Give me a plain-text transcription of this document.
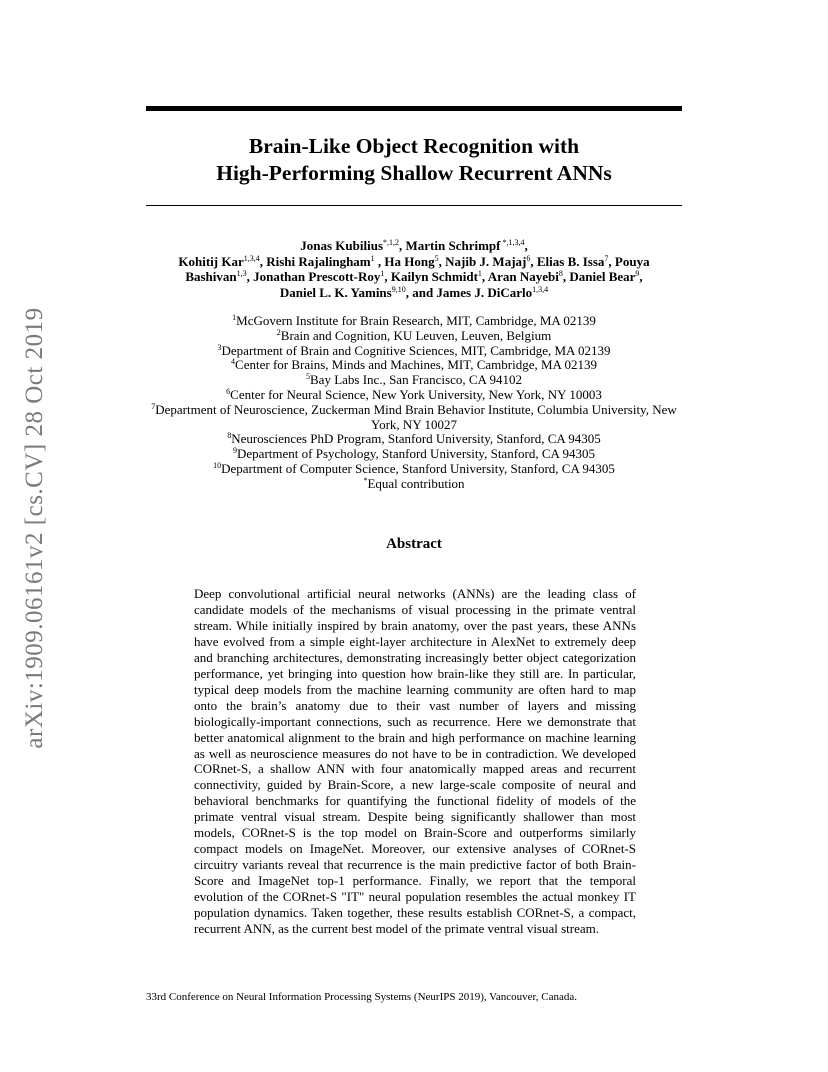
arXiv:1909.06161v2 [cs.CV] 28 Oct 2019
Brain-Like Object Recognition with
High-Performing Shallow Recurrent ANNs
Jonas Kubilius$^{*,1,2}$, Martin Schrimpf $^{*,1,3,4}$,
Kohitij Kar$^{1,3,4}$, Rishi Rajalingham$^1$ , Ha Hong$^5$, Najib J. Majaj$^6$, Elias B. Issa$^7$, Pouya Bashivan$^{1,3}$, Jonathan Prescott-Roy$^1$, Kailyn Schmidt$^1$, Aran Nayebi$^8$, Daniel Bear$^9$,
Daniel L. K. Yamins$^{9,10}$, and James J. DiCarlo$^{1,3,4}$
$^1$McGovern Institute for Brain Research, MIT, Cambridge, MA 02139
$^2$Brain and Cognition, KU Leuven, Leuven, Belgium
$^3$Department of Brain and Cognitive Sciences, MIT, Cambridge, MA 02139
$^4$Center for Brains, Minds and Machines, MIT, Cambridge, MA 02139
$^5$Bay Labs Inc., San Francisco, CA 94102
$^6$Center for Neural Science, New York University, New York, NY 10003
$^7$Department of Neuroscience, Zuckerman Mind Brain Behavior Institute, Columbia University, New York, NY 10027
$^8$Neurosciences PhD Program, Stanford University, Stanford, CA 94305
$^9$Department of Psychology, Stanford University, Stanford, CA 94305
$^{10}$Department of Computer Science, Stanford University, Stanford, CA 94305
*Equal contribution
Abstract
Deep convolutional artificial neural networks (ANNs) are the leading class of candidate models of the mechanisms of visual processing in the primate ventral stream. While initially inspired by brain anatomy, over the past years, these ANNs have evolved from a simple eight-layer architecture in AlexNet to extremely deep and branching architectures, demonstrating increasingly better object categorization performance, yet bringing into question how brain-like they still are. In particular, typical deep models from the machine learning community are often hard to map onto the brain’s anatomy due to their vast number of layers and missing biologically-important connections, such as recurrence. Here we demonstrate that better anatomical alignment to the brain and high performance on machine learning as well as neuroscience measures do not have to be in contradiction. We developed CORnet-S, a shallow ANN with four anatomically mapped areas and recurrent connectivity, guided by Brain-Score, a new large-scale composite of neural and behavioral benchmarks for quantifying the functional fidelity of models of the primate ventral visual stream. Despite being significantly shallower than most models, CORnet-S is the top model on Brain-Score and outperforms similarly compact models on ImageNet. Moreover, our extensive analyses of CORnet-S circuitry variants reveal that recurrence is the main predictive factor of both Brain-Score and ImageNet top-1 performance. Finally, we report that the temporal evolution of the CORnet-S "IT" neural population resembles the actual monkey IT population dynamics. Taken together, these results establish CORnet-S, a compact, recurrent ANN, as the current best model of the primate ventral visual stream.
33rd Conference on Neural Information Processing Systems (NeurIPS 2019), Vancouver, Canada.
